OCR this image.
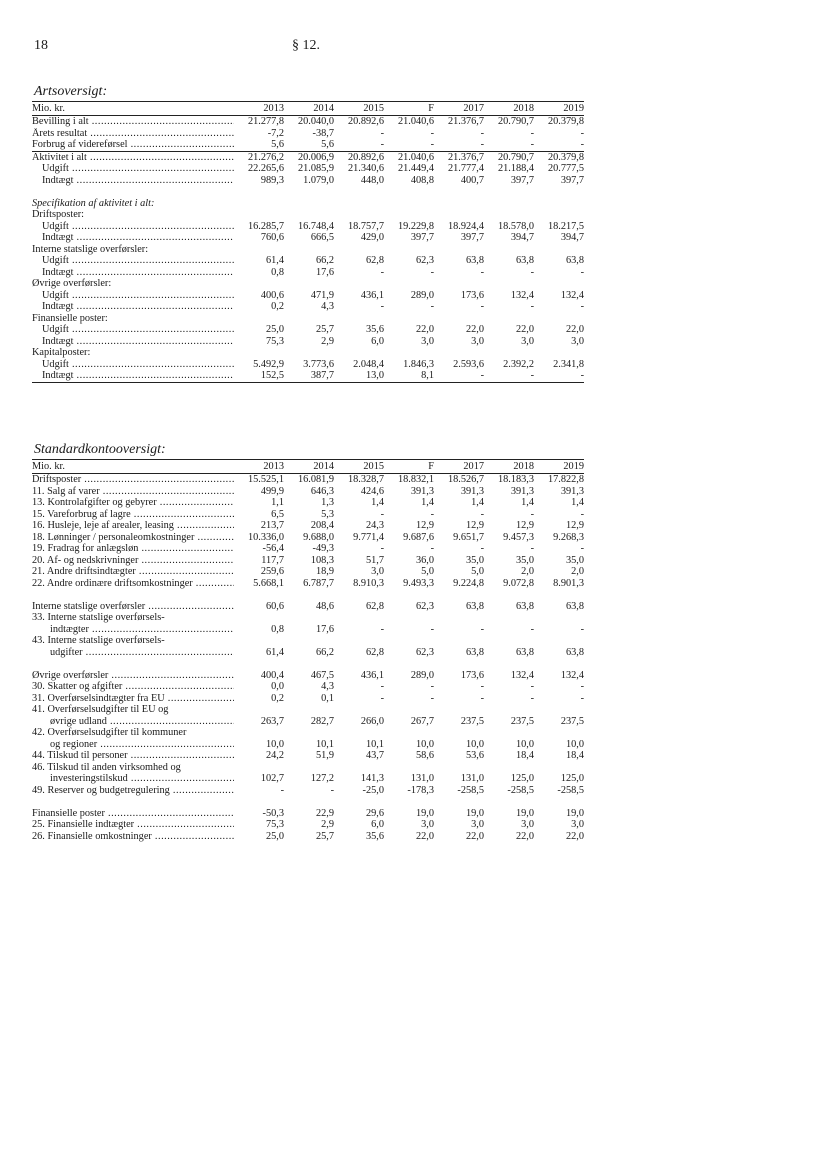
18	§ 12.
Artsoversigt:
Mio. kr.	2013	2014	2015	F	2017	2018	2019
Bevilling i alt .....	21.277,8	20.040,0	20.892,6	21.040,6	21.376,7	20.790,7	20.379,8
Årets resultat .....	-7,2	-38,7	-	-	-	-	-
Forbrug af videreførsel .....	5,6	5,6	-	-	-	-	-
Aktivitet i alt .....	21.276,2	20.006,9	20.892,6	21.040,6	21.376,7	20.790,7	20.379,8
Udgift .....	22.265,6	21.085,9	21.340,6	21.449,4	21.777,4	21.188,4	20.777,5
Indtægt .....	989,3	1.079,0	448,0	408,8	400,7	397,7	397,7

Specifikation af aktivitet i alt:							
Driftsposter:							
Udgift .....	16.285,7	16.748,4	18.757,7	19.229,8	18.924,4	18.578,0	18.217,5
Indtægt .....	760,6	666,5	429,0	397,7	397,7	394,7	394,7
Interne statslige overførsler:							
Udgift .....	61,4	66,2	62,8	62,3	63,8	63,8	63,8
Indtægt .....	0,8	17,6	-	-	-	-	-
Øvrige overførsler:							
Udgift .....	400,6	471,9	436,1	289,0	173,6	132,4	132,4
Indtægt .....	0,2	4,3	-	-	-	-	-
Finansielle poster:							
Udgift .....	25,0	25,7	35,6	22,0	22,0	22,0	22,0
Indtægt .....	75,3	2,9	6,0	3,0	3,0	3,0	3,0
Kapitalposter:							
Udgift .....	5.492,9	3.773,6	2.048,4	1.846,3	2.593,6	2.392,2	2.341,8
Indtægt .....	152,5	387,7	13,0	8,1	-	-	-
Standardkontooversigt:
Mio. kr.	2013	2014	2015	F	2017	2018	2019
Driftsposter .....	15.525,1	16.081,9	18.328,7	18.832,1	18.526,7	18.183,3	17.822,8
11. Salg af varer .....	499,9	646,3	424,6	391,3	391,3	391,3	391,3
13. Kontrolafgifter og gebyrer .....	1,1	1,3	1,4	1,4	1,4	1,4	1,4
15. Vareforbrug af lagre .....	6,5	5,3	-	-	-	-	-
16. Husleje, leje af arealer, leasing .....	213,7	208,4	24,3	12,9	12,9	12,9	12,9
18. Lønninger / personaleomkostninger .....	10.336,0	9.688,0	9.771,4	9.687,6	9.651,7	9.457,3	9.268,3
19. Fradrag for anlægsløn .....	-56,4	-49,3	-	-	-	-	-
20. Af- og nedskrivninger .....	117,7	108,3	51,7	36,0	35,0	35,0	35,0
21. Andre driftsindtægter .....	259,6	18,9	3,0	5,0	5,0	2,0	2,0
22. Andre ordinære driftsomkostninger .....	5.668,1	6.787,7	8.910,3	9.493,3	9.224,8	9.072,8	8.901,3

Interne statslige overførsler .....	60,6	48,6	62,8	62,3	63,8	63,8	63,8
33. Interne statslige overførsels-							
indtægter .....	0,8	17,6	-	-	-	-	-
43. Interne statslige overførsels-							
udgifter .....	61,4	66,2	62,8	62,3	63,8	63,8	63,8

Øvrige overførsler .....	400,4	467,5	436,1	289,0	173,6	132,4	132,4
30. Skatter og afgifter .....	0,0	4,3	-	-	-	-	-
31. Overførselsindtægter fra EU .....	0,2	0,1	-	-	-	-	-
41. Overførselsudgifter til EU og							
øvrige udland .....	263,7	282,7	266,0	267,7	237,5	237,5	237,5
42. Overførselsudgifter til kommuner							
og regioner .....	10,0	10,1	10,1	10,0	10,0	10,0	10,0
44. Tilskud til personer .....	24,2	51,9	43,7	58,6	53,6	18,4	18,4
46. Tilskud til anden virksomhed og							
investeringstilskud .....	102,7	127,2	141,3	131,0	131,0	125,0	125,0
49. Reserver og budgetregulering .....	-	-	-25,0	-178,3	-258,5	-258,5	-258,5

Finansielle poster .....	-50,3	22,9	29,6	19,0	19,0	19,0	19,0
25. Finansielle indtægter .....	75,3	2,9	6,0	3,0	3,0	3,0	3,0
26. Finansielle omkostninger .....	25,0	25,7	35,6	22,0	22,0	22,0	22,0
